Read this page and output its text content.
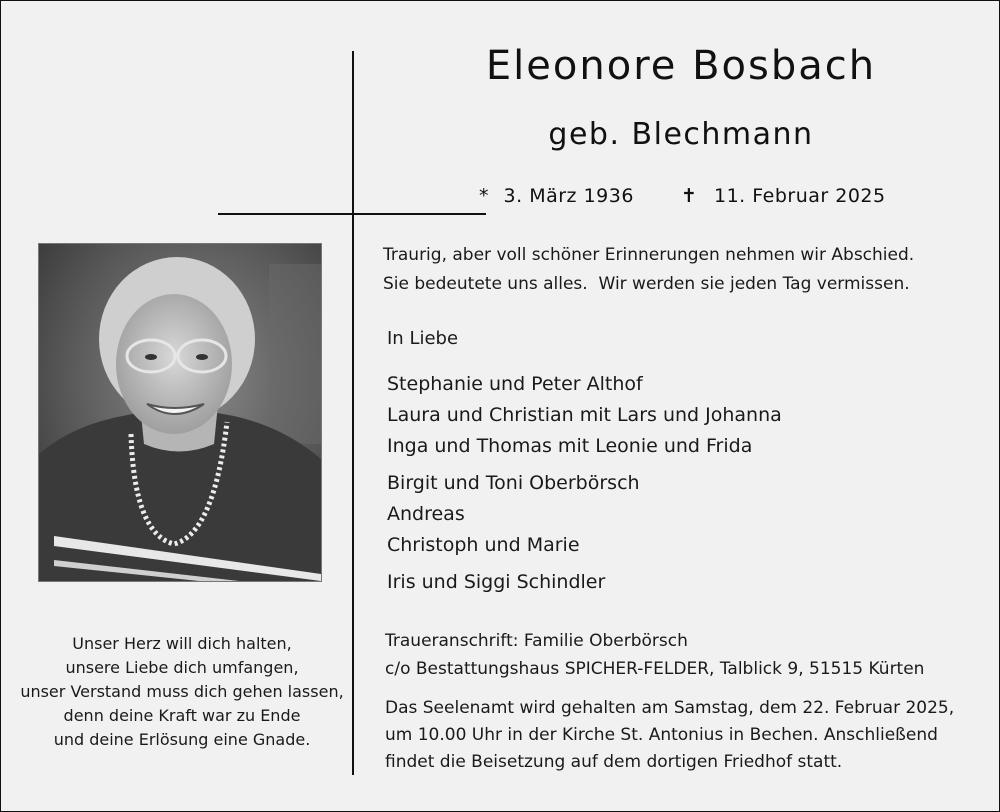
Eleonore Bosbach
geb. Blechmann
* 3. März 1936 ✝ 11. Februar 2025
Unser Herz will dich halten,
unsere Liebe dich umfangen,
unser Verstand muss dich gehen lassen,
denn deine Kraft war zu Ende
und deine Erlösung eine Gnade.
Traurig, aber voll schöner Erinnerungen nehmen wir Abschied.
Sie bedeutete uns alles.  Wir werden sie jeden Tag vermissen.
In Liebe
Stephanie und Peter Althof
Laura und Christian mit Lars und Johanna
Inga und Thomas mit Leonie und Frida
Birgit und Toni Oberbörsch
Andreas
Christoph und Marie
Iris und Siggi Schindler
Traueranschrift: Familie Oberbörsch
c/o Bestattungshaus SPICHER-FELDER, Talblick 9, 51515 Kürten
Das Seelenamt wird gehalten am Samstag, dem 22. Februar 2025,
um 10.00 Uhr in der Kirche St. Antonius in Bechen. Anschließend
findet die Beisetzung auf dem dortigen Friedhof statt.
